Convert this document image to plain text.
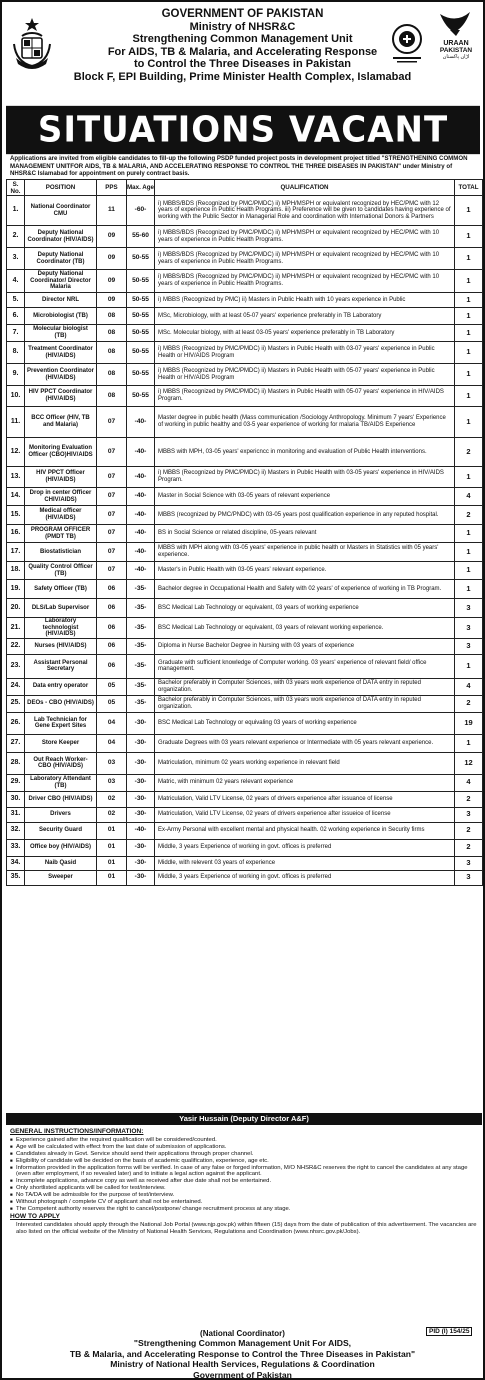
GOVERNMENT OF PAKISTAN
Ministry of NHSR&C
Strengthening Common Management Unit
For AIDS, TB & Malaria, and Accelerating Response
to Control the Three Diseases in Pakistan
Block F, EPI Building, Prime Minister Health Complex, Islamabad
URAAN
PAKISTAN
اڑان پاکستان
SITUATIONS VACANT
Applications are invited from eligible candidates to fill-up the following PSDP funded project posts in development project titled "STRENGTHENING COMMON MANAGEMENT UNITFOR AIDS, TB & MALARIA, AND ACCELERATING RESPONSE TO CONTROL THE THREE DISEASES IN PAKISTAN" under Ministry of NHSR&C Islamabad for appointment on purely contract basis.
S. No.	POSITION	PPS	Max. Age	QUALIFICATION	TOTAL
1.	National Coordinator CMU	11	-60-	i) MBBS/BDS (Recognized by PMC/PMDC) ii) MPH/MSPH or equivalent recognized by HEC/PMC with 12 years of experience in Public Health Programs. iii) Preference will be given to candidates having experience of working with the Public Sector in Managerial Role and coordination with International Donors & Partners	1
2.	Deputy National Coordinator (HIV/AIDS)	09	55-60	i) MBBS/BDS (Recognized by PMC/PMDC) ii) MPH/MSPH or equivalent recognized by HEC/PMC with 10 years of experience in Public Health Programs.	1
3.	Deputy National Coordinator (TB)	09	50-55	i) MBBS/BDS (Recognized by PMC/PMDC) ii) MPH/MSPH or equivalent recognized by HEC/PMC with 10 years of experience in Public Health Programs.	1
4.	Deputy National Coordinator/ Director Malaria	09	50-55	i) MBBS/BDS (Recognized by PMC/PMDC) ii) MPH/MSPH or equivalent recognized by HEC/PMC with 10 years of experience in Public Health Programs.	1
5.	Director NRL	09	50-55	i) MBBS (Recognized by PMC) ii) Masters in Public Health with 10 years experience in Public	1
6.	Microbiologist (TB)	08	50-55	MSc, Microbiology, with at least 05-07 years' experience preferably in TB Laboratory	1
7.	Molecular biologist (TB)	08	50-55	MSc. Molecular biology, with at least 03-05 years' experience preferably in TB Laboratory	1
8.	Treatment Coordinator (HIV/AIDS)	08	50-55	i) MBBS (Recognized by PMC/PMDC) ii) Masters in Public Health with 03-07 years' experience in Public Health or HIV/AIDS Program	1
9.	Prevention Coordinator (HIV/AIDS)	08	50-55	i) MBBS (Recognized by PMC/PMDC) ii) Masters in Public Health with 05-07 years' experience in Public Health or HIV/AIDS Program	1
10.	HIV PPCT Coordinator (HIV/AIDS)	08	50-55	i) MBBS (Recognized by PMC/PMDC) ii) Masters in Public Health with 05-07 years' experience in HIV/AIDS Program.	1
11.	BCC Officer (HIV, TB and Malaria)	07	-40-	Master degree in public health (Mass communication /Sociology Anthropology. Minimum 7 years' Experience of working in public healthy and 03-5 year experience of working for malaria TB/AIDS Experience	1
12.	Monitoring Evaluation Officer (CBO)HIV/AIDS	07	-40-	MBBS with MPH, 03-05 years' expericncc in monitoring and evaluation of Public Health interventions.	2
13.	HIV PPCT Officer (HIV/AIDS)	07	-40-	i) MBBS (Recognized by PMC/PMDC) ii) Masters in Public Health with 03-05 years' experience in HIV/AIDS Program.	1
14.	Drop in center Officer CHIV/AIDS)	07	-40-	Master in Social Science with 03-05 years of relevant experience	4
15.	Medical officer (HIV/AIDS)	07	-40-	MBBS (recognized by PMC/PNDC) with 03-05 years post qualification experience in any reputed hospital.	2
16.	PROGRAM OFFICER (PMDT TB)	07	-40-	BS in Social Science or related discipline, 05-years relevant	1
17.	Biostatistician	07	-40-	MBBS with MPH along with 03-05 years' experience in public health or Masters in Statistics with 05 years' experience.	1
18.	Quality Control Officer (TB)	07	-40-	Master's in Public Health with 03-05 years' relevant experience.	1
19.	Safety Officer (TB)	06	-35-	Bachelor degree in Occupational Health and Safety with 02 years' of experience of working in TB Program.	1
20.	DLS/Lab Supervisor	06	-35-	BSC Medical Lab Technology or equivalent, 03 years of working experience	3
21.	Laboratory technologist (HIV/AIDS)	06	-35-	BSC Medical Lab Technology or equivalent, 03 years of relevant working experience.	3
22.	Nurses (HIV/AIDS)	06	-35-	Diploma in Nurse Bachelor Degree in Nursing with 03 years of experience	3
23.	Assistant Personal Secretary	06	-35-	Graduate with sufficient knowledge of Computer working. 03 years' experience of relevant field/ office management.	1
24.	Data entry operator	05	-35-	Bachelor preferably in Computer Sciences, with 03 years work experience of DATA entry in reputed organization.	4
25.	DEOs - CBO (HIV/AIDS)	05	-35-	Bachelor preferably in Computer Sciences, with 03 years work experience of DATA entry in reputed organization.	2
26.	Lab Technician for Gene Expert Sites	04	-30-	BSC Medical Lab Technology or equivaling 03 years of working experience	19
27.	Store Keeper	04	-30-	Graduate Degrees with 03 years relevant experience or Intermediate with 05 years relevant experience.	1
28.	Out Reach Worker-CBO (HIV/AIDS)	03	-30-	Matriculation, minimum 02 years working experience in relevant field	12
29.	Laboratory Attendant (TB)	03	-30-	Matric, with minimum 02 years relevant experience	4
30.	Driver CBO (HIV/AIDS)	02	-30-	Matriculation, Valid LTV License, 02 years of drivers experience after issuance of license	2
31.	Drivers	02	-30-	Matriculation, Valid LTV License, 02 years of drivers experience after issueice of license	3
32.	Security Guard	01	-40-	Ex-Army Personal with excellent mental and physical health. 02 working experience in Security firms	2
33.	Office boy (HIV/AIDS)	01	-30-	Middle, 3 years Experience of working in govt. offices is preferred	2
34.	Naib Qasid	01	-30-	Middle, with relevent 03 years of experience	3
35.	Sweeper	01	-30-	Middle, 3 years Experience of working in govt. offices is preferred	3
Yasir Hussain (Deputy Director A&F)
GENERAL INSTRUCTIONS/INFORMATION:
■ Experience gained after the required qualification will be considered/counted.
■ Age will be calculated with effect from the last date of submission of applications.
■ Candidates already in Govt. Service should send their applications through proper channel.
■ Eligibility of candidate will be decided on the basis of academic qualification, experience, age etc.
■ Information provided in the application forms will be verified. In case of any false or forged information, M/O NHSR&C reserves the right to cancel the candidates at any stage (even after employment, if so revealed later) and to initiate a legal action against the applicant.
■ Incomplete applications, advance copy as well as received after due date shall not be entertained.
■ Only shortlisted applicants will be called for test/interview.
■ No TA/DA will be admissible for the purpose of test/interview.
■ Without photograph / complete CV of applicant shall not be entertained.
■ The Competent authority reserves the right to cancel/postpone/ change recruitment process at any stage.
HOW TO APPLY
Interested candidates should apply through the National Job Portal (www.njp.gov.pk) within fifteen (15) days from the date of publication of this advertisement. The vacancies are also listed on the official website of the Ministry of National Health Services, Regulations and Coordination (www.nhsrc.gov.pk/Jobs).
PID (I) 154/25
(National Coordinator)
"Strengthening Common Management Unit For AIDS,
TB & Malaria, and Accelerating Response to Control the Three Diseases in Pakistan"
Ministry of National Health Services, Regulations & Coordination
Government of Pakistan
